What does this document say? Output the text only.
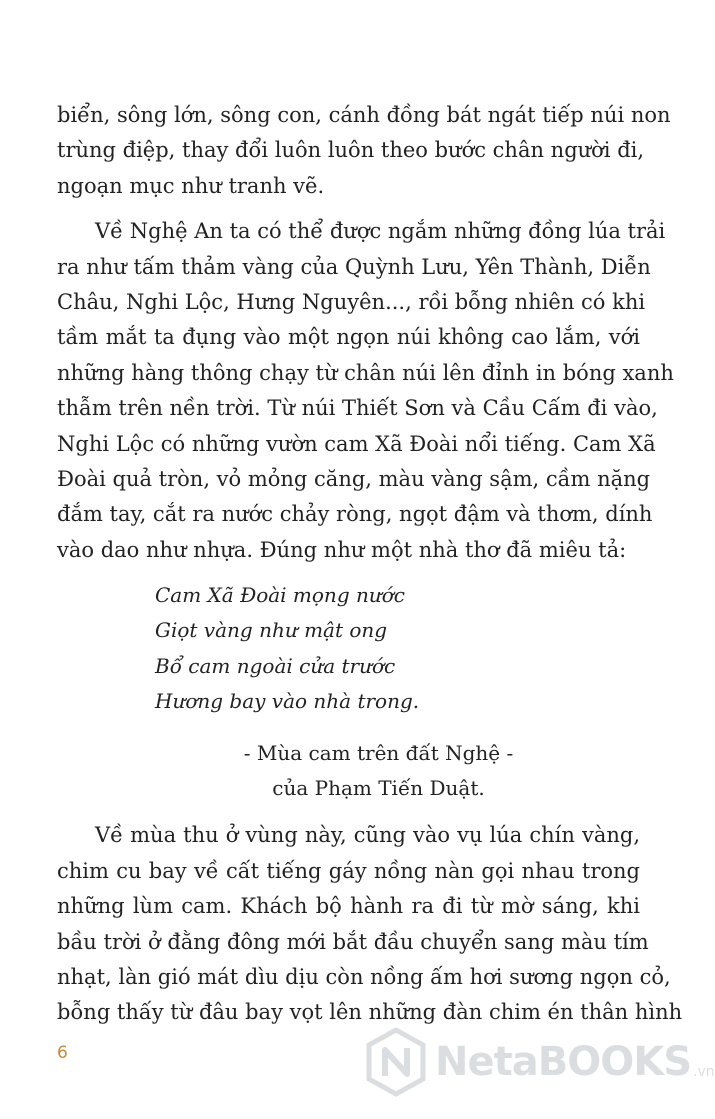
biển, sông lớn, sông con, cánh đồng bát ngát tiếp núi non
trùng điệp, thay đổi luôn luôn theo bước chân người đi,
ngoạn mục như tranh vẽ.
Về Nghệ An ta có thể được ngắm những đồng lúa trải
ra như tấm thảm vàng của Quỳnh Lưu, Yên Thành, Diễn
Châu, Nghi Lộc, Hưng Nguyên..., rồi bỗng nhiên có khi
tầm mắt ta đụng vào một ngọn núi không cao lắm, với
những hàng thông chạy từ chân núi lên đỉnh in bóng xanh
thẫm trên nền trời. Từ núi Thiết Sơn và Cầu Cấm đi vào,
Nghi Lộc có những vườn cam Xã Đoài nổi tiếng. Cam Xã
Đoài quả tròn, vỏ mỏng căng, màu vàng sậm, cầm nặng
đắm tay, cắt ra nước chảy ròng, ngọt đậm và thơm, dính
vào dao như nhựa. Đúng như một nhà thơ đã miêu tả:
Cam Xã Đoài mọng nước
Giọt vàng như mật ong
Bổ cam ngoài cửa trước
Hương bay vào nhà trong.
- Mùa cam trên đất Nghệ -
của Phạm Tiến Duật.
Về mùa thu ở vùng này, cũng vào vụ lúa chín vàng,
chim cu bay về cất tiếng gáy nồng nàn gọi nhau trong
những lùm cam. Khách bộ hành ra đi từ mờ sáng, khi
bầu trời ở đằng đông mới bắt đầu chuyển sang màu tím
nhạt, làn gió mát dìu dịu còn nồng ấm hơi sương ngọn cỏ,
bỗng thấy từ đâu bay vọt lên những đàn chim én thân hình
6	NetaBOOKS .vn
